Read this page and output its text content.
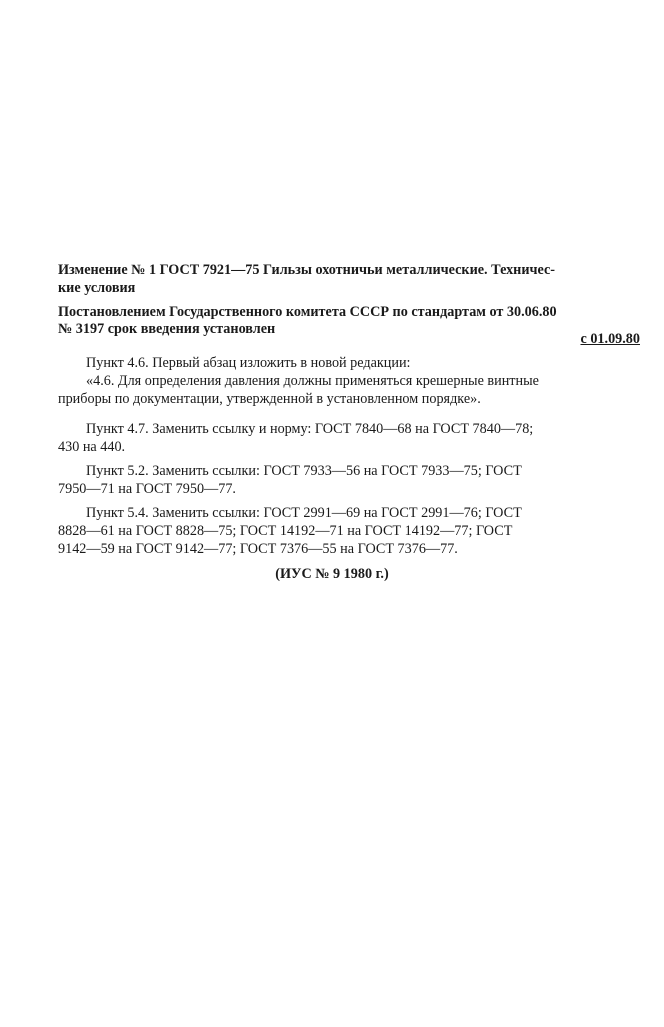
Изменение № 1 ГОСТ 7921—75 Гильзы охотничьи металлические. Техничес-
кие условия
Постановлением Государственного комитета СССР по стандартам от 30.06.80
№ 3197 срок введения установлен
с 01.09.80
Пункт 4.6. Первый абзац изложить в новой редакции:
«4.6. Для определения давления должны применяться крешерные винтные
приборы по документации, утвержденной в установленном порядке».
Пункт 4.7. Заменить ссылку и норму: ГОСТ 7840—68 на ГОСТ 7840—78;
430 на 440.
Пункт 5.2. Заменить ссылки: ГОСТ 7933—56 на ГОСТ 7933—75; ГОСТ
7950—71 на ГОСТ 7950—77.
Пункт 5.4. Заменить ссылки: ГОСТ 2991—69 на ГОСТ 2991—76; ГОСТ
8828—61 на ГОСТ 8828—75; ГОСТ 14192—71 на ГОСТ 14192—77; ГОСТ
9142—59 на ГОСТ 9142—77; ГОСТ 7376—55 на ГОСТ 7376—77.
(ИУС № 9 1980 г.)
